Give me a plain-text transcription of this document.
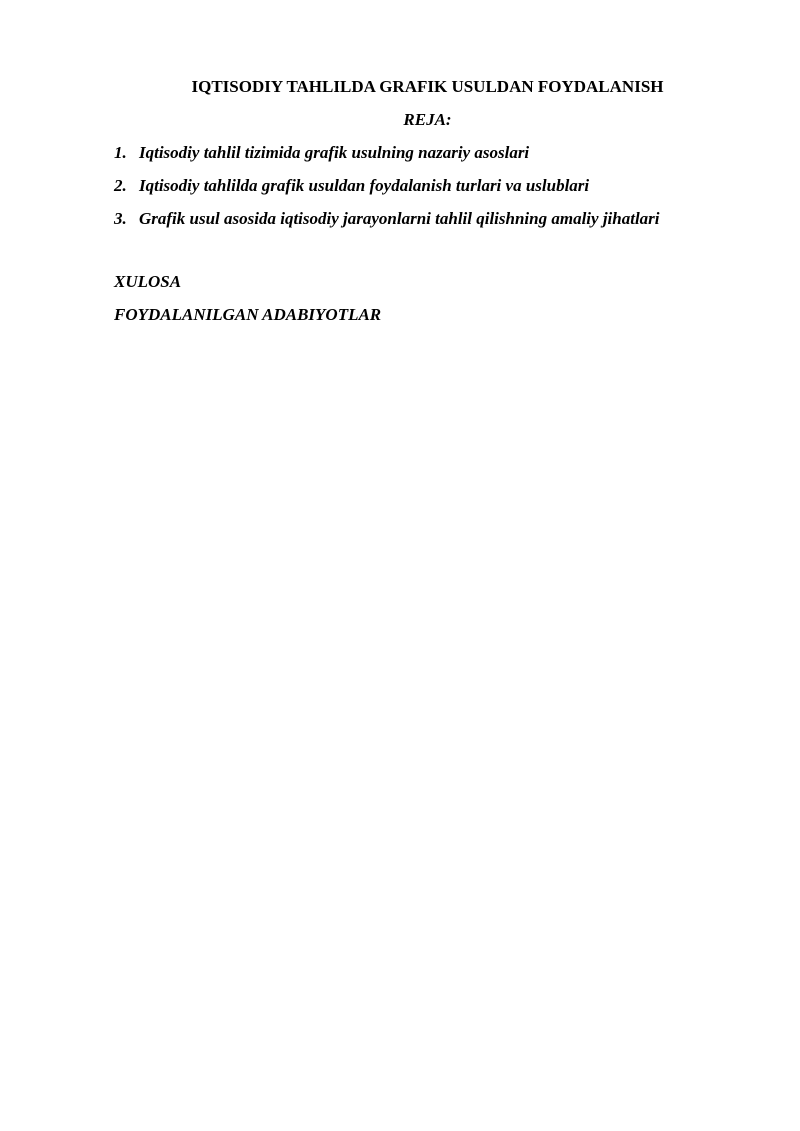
IQTISODIY TAHLILDA GRAFIK USULDAN FOYDALANISH
REJA:
1. Iqtisodiy tahlil tizimida grafik usulning nazariy asoslari
2. Iqtisodiy tahlilda grafik usuldan foydalanish turlari va uslublari
3. Grafik usul asosida iqtisodiy jarayonlarni tahlil qilishning amaliy jihatlari
XULOSA
FOYDALANILGAN ADABIYOTLAR
